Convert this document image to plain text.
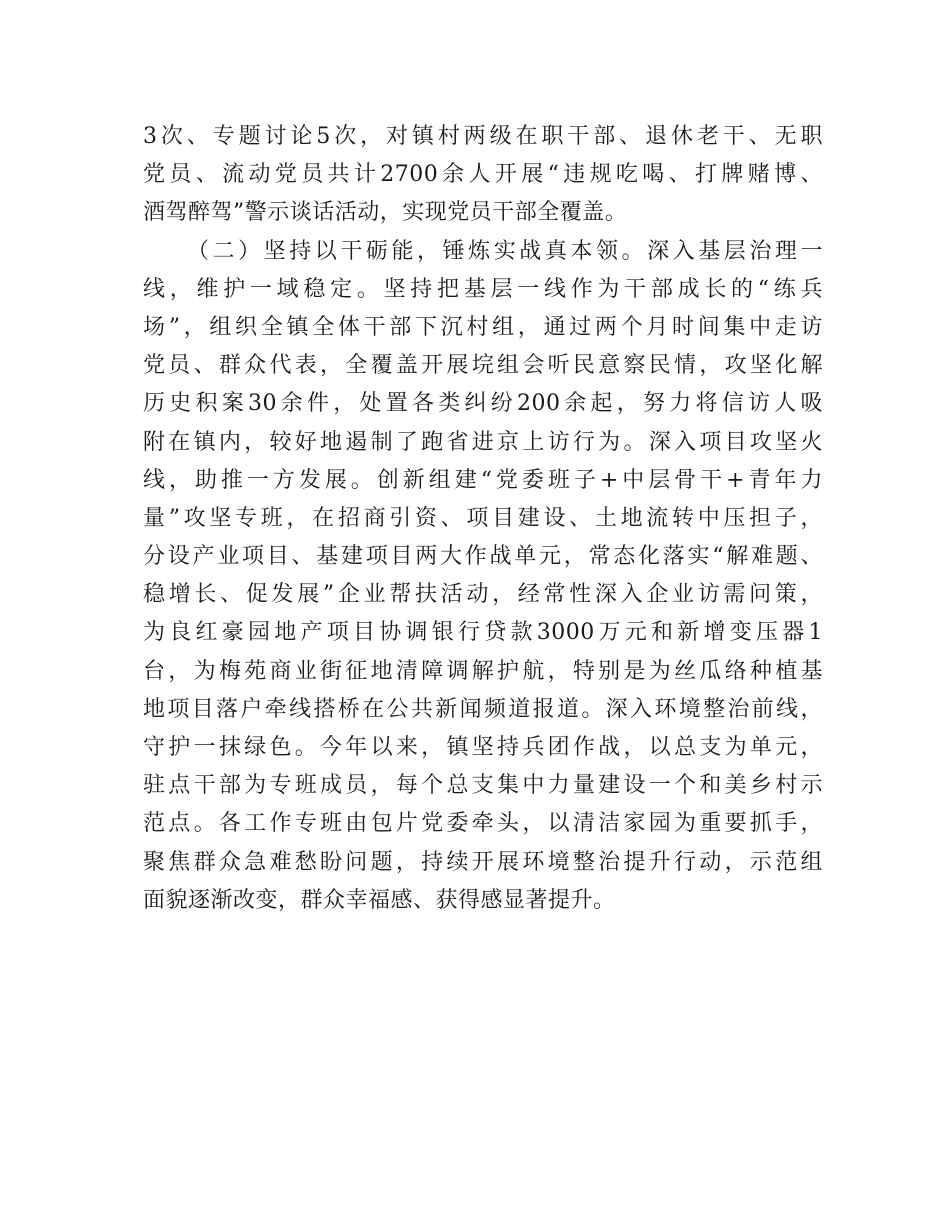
3次、专题讨论5次，对镇村两级在职干部、退休老干、无职
党员、流动党员共计2700余人开展“违规吃喝、打牌赌博、
酒驾醉驾”警示谈话活动，实现党员干部全覆盖。
（二）坚持以干砺能，锤炼实战真本领。深入基层治理一
线，维护一域稳定。坚持把基层一线作为干部成长的“练兵
场”，组织全镇全体干部下沉村组，通过两个月时间集中走访
党员、群众代表，全覆盖开展垸组会听民意察民情，攻坚化解
历史积案30余件，处置各类纠纷200余起，努力将信访人吸
附在镇内，较好地遏制了跑省进京上访行为。深入项目攻坚火
线，助推一方发展。创新组建“党委班子+中层骨干+青年力
量”攻坚专班，在招商引资、项目建设、土地流转中压担子，
分设产业项目、基建项目两大作战单元，常态化落实“解难题、
稳增长、促发展”企业帮扶活动，经常性深入企业访需问策，
为良红豪园地产项目协调银行贷款3000万元和新增变压器1
台，为梅苑商业街征地清障调解护航，特别是为丝瓜络种植基
地项目落户牵线搭桥在公共新闻频道报道。深入环境整治前线，
守护一抹绿色。今年以来，镇坚持兵团作战，以总支为单元，
驻点干部为专班成员，每个总支集中力量建设一个和美乡村示
范点。各工作专班由包片党委牵头，以清洁家园为重要抓手，
聚焦群众急难愁盼问题，持续开展环境整治提升行动，示范组
面貌逐渐改变，群众幸福感、获得感显著提升。
